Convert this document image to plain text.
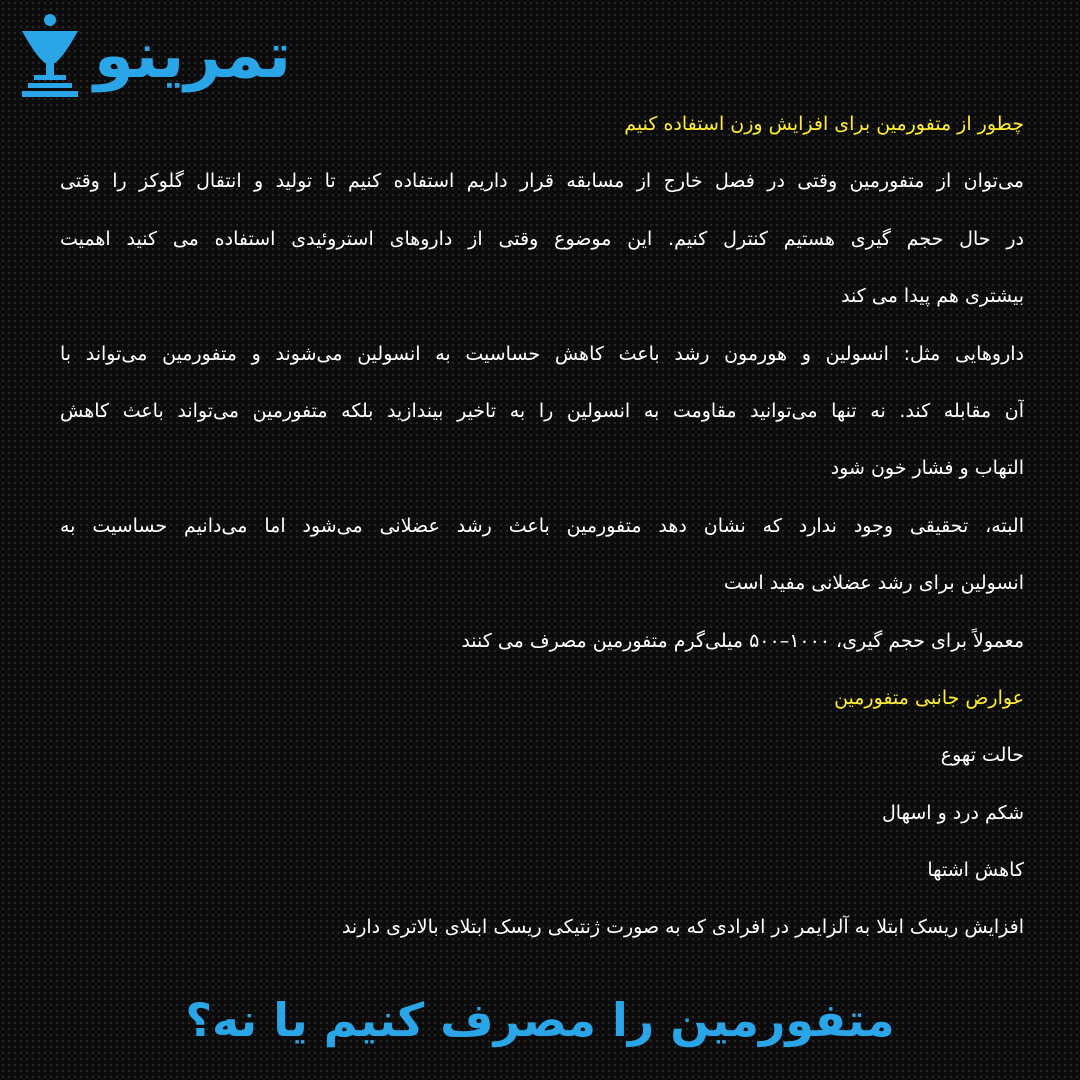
تمرینو
چطور از متفورمین برای افزایش وزن استفاده کنیم
می‌توان از متفورمین وقتی در فصل خارج از مسابقه قرار داریم استفاده کنیم تا تولید و انتقال گلوکز را وقتی
در حال حجم گیری هستیم کنترل کنیم. این موضوع وقتی از داروهای استروئیدی استفاده می کنید اهمیت
بیشتری هم پیدا می کند
داروهایی مثل: انسولین و هورمون رشد باعث کاهش حساسیت به انسولین می‌شوند و متفورمین می‌تواند با
آن مقابله کند. نه تنها می‌توانید مقاومت به انسولین را به تاخیر بیندازید بلکه متفورمین می‌تواند باعث کاهش
التهاب و فشار خون شود
البته، تحقیقی وجود ندارد که نشان دهد متفورمین باعث رشد عضلانی می‌شود اما می‌دانیم حساسیت به
انسولین برای رشد عضلانی مفید است
معمولاً برای حجم گیری، ۱۰۰۰–۵۰۰ میلی‌گرم متفورمین مصرف می کنند
عوارض جانبی متفورمین
حالت تهوع
شکم درد و اسهال
کاهش اشتها
افزایش ریسک ابتلا به آلزایمر در افرادی که به صورت ژنتیکی ریسک ابتلای بالاتری دارند
متفورمین را مصرف کنیم یا نه؟
